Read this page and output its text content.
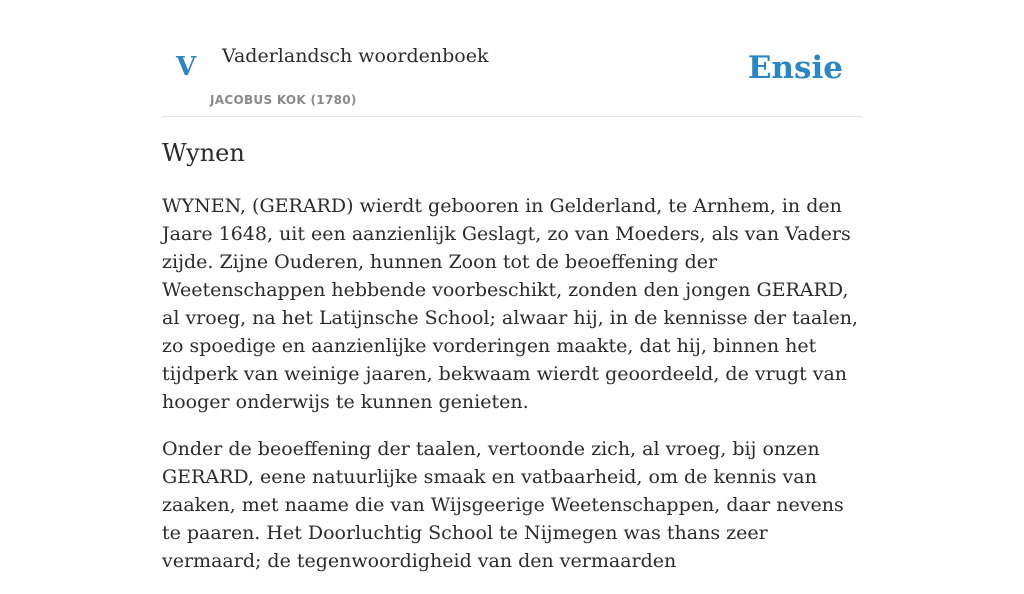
V Vaderlandsch woordenboek
JACOBUS KOK (1780)
Ensie
Wynen

WYNEN, (GERARD) wierdt gebooren in Gelderland, te Arnhem, in den Jaare 1648, uit een aanzienlijk Geslagt, zo van Moeders, als van Vaders zijde. Zijne Ouderen, hunnen Zoon tot de beoeffening der Weetenschappen hebbende voorbeschikt, zonden den jongen GERARD, al vroeg, na het Latijnsche School; alwaar hij, in de kennisse der taalen, zo spoedige en aanzienlijke vorderingen maakte, dat hij, binnen het tijdperk van weinige jaaren, bekwaam wierdt geoordeeld, de vrugt van hooger onderwijs te kunnen genieten.

Onder de beoeffening der taalen, vertoonde zich, al vroeg, bij onzen GERARD, eene natuurlijke smaak en vatbaarheid, om de kennis van zaaken, met naame die van Wijsgeerige Weetenschappen, daar nevens te paaren. Het Doorluchtig School te Nijmegen was thans zeer vermaard; de tegenwoordigheid van den vermaarden
